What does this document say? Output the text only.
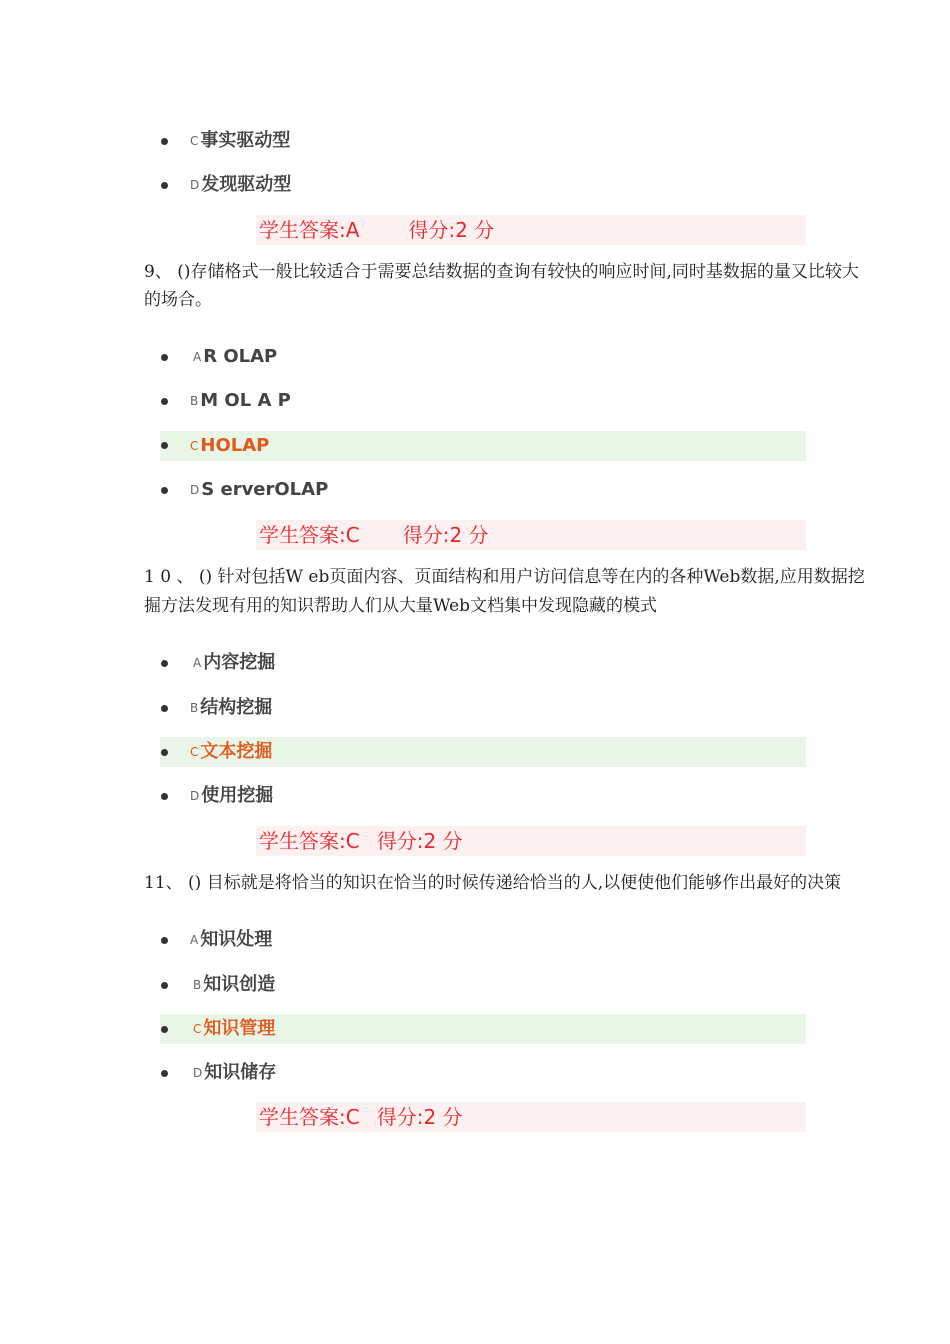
C 事实驱动型
D 发现驱动型
学生答案:A 得分:2 分
9、 ()存储格式一般比较适合于需要总结数据的查询有较快的响应时间,同时基数据的量又比较大
的场合。
A R OLAP
B M OL A P
C HOLAP
D S erverOLAP
学生答案:C 得分:2 分
1 0 、 () 针对包括W eb页面内容、页面结构和用户访问信息等在内的各种Web数据,应用数据挖
掘方法发现有用的知识帮助人们从大量Web文档集中发现隐藏的模式
A 内容挖掘
B 结构挖掘
C 文本挖掘
D 使用挖掘
学生答案:C 得分:2 分
11、 () 目标就是将恰当的知识在恰当的时候传递给恰当的人,以便使他们能够作出最好的决策
A 知识处理
B 知识创造
C 知识管理
D 知识储存
学生答案:C 得分:2 分
